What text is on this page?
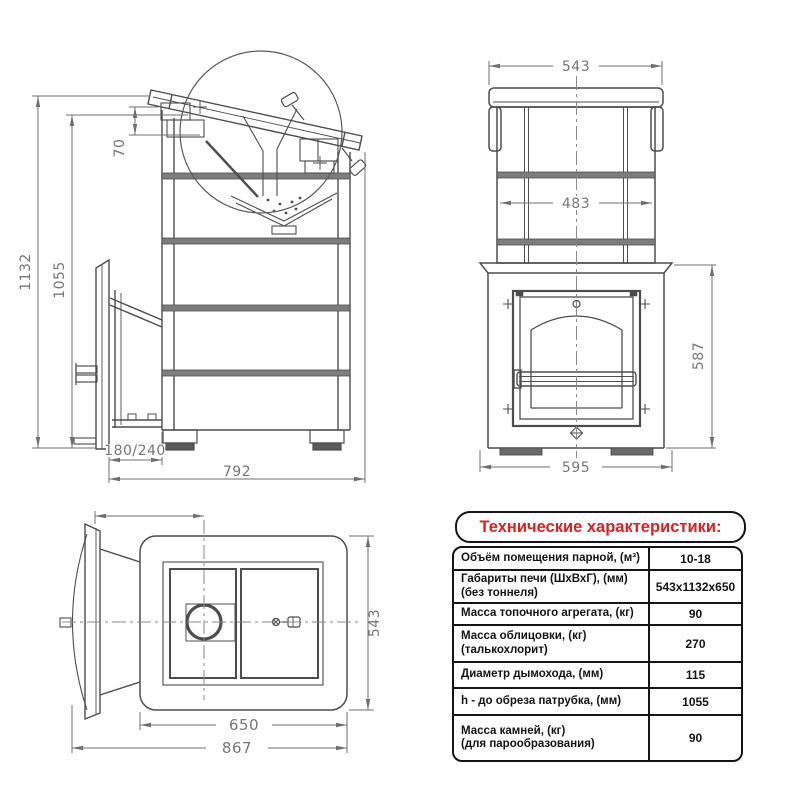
1132 1055
70
180/240
792
543
483
595
587
650
867
543
Технические характеристики:
Объём помещения парной, (м³)	10-18
Габариты печи (ШхВхГ), (мм)
(без тоннеля)	543х1132х650
Масса топочного агрегата, (кг)	90
Масса облицовки, (кг)
(талькохлорит)	270
Диаметр дымохода, (мм)	115
h - до обреза патрубка, (мм)	1055
Масса камней, (кг)
(для парообразования)	90
